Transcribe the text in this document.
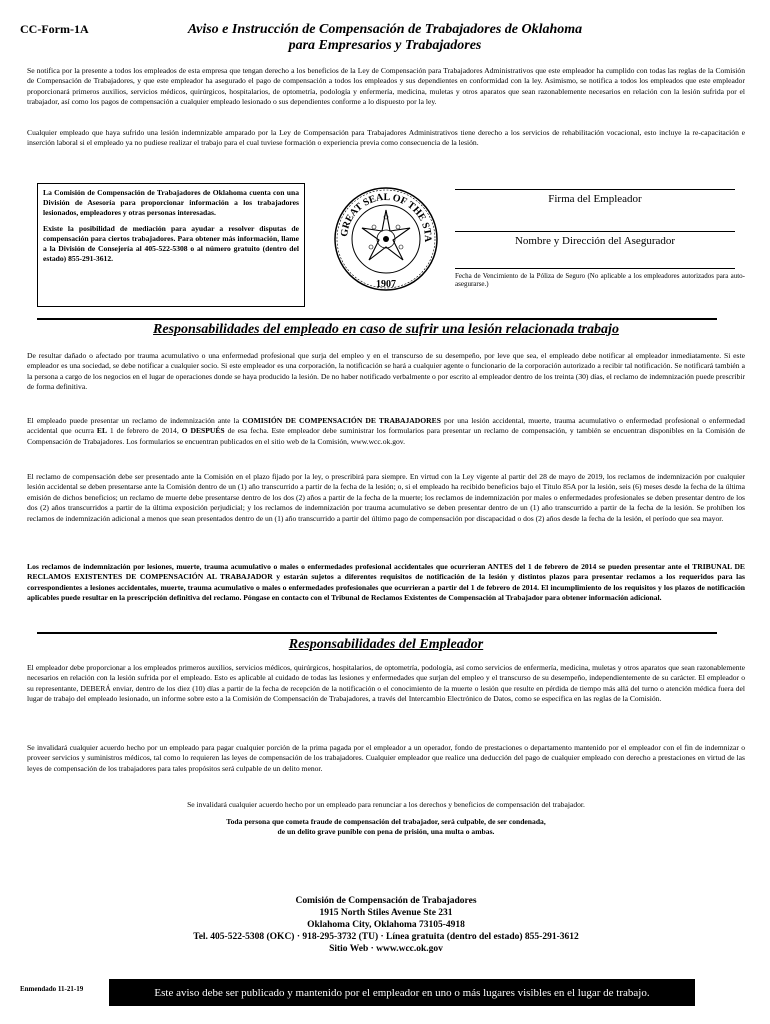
CC-Form-1A	Aviso e Instrucción de Compensación de Trabajadores de Oklahoma
para Empresarios y Trabajadores
Se notifica por la presente a todos los empleados de esta empresa que tengan derecho a los beneficios de la Ley de Compensación para Trabajadores Administrativos que este empleador ha cumplido con todas las reglas de la Comisión de Compensación de Trabajadores, y que este empleador ha asegurado el pago de compensación a todos los empleados y sus dependientes en conformidad con la ley. Asimismo, se notifica a todos los empleados que este empleador proporcionará primeros auxilios, servicios médicos, quirúrgicos, hospitalarios, de optometría, podología y enfermería, medicina, muletas y otros aparatos que sean razonablemente necesarios en relación con la lesión sufrida por el trabajador, así como los pagos de compensación a cualquier empleado lesionado o sus dependientes conforme a lo dispuesto por la ley.
Cualquier empleado que haya sufrido una lesión indemnizable amparado por la Ley de Compensación para Trabajadores Administrativos tiene derecho a los servicios de rehabilitación vocacional, esto incluye la re-capacitación e inserción laboral si el empleado ya no pudiese realizar el trabajo para el cual tuviese formación o experiencia previa como consecuencia de la lesión.

La Comisión de Compensación de Trabajadores de Oklahoma cuenta con una División de Asesoría para proporcionar información a los trabajadores lesionados, empleadores y otras personas interesadas.

Existe la posibilidad de mediación para ayudar a resolver disputas de compensación para ciertos trabajadores. Para obtener más información, llame a la División de Consejería al 405-522-5308 o al número gratuito (dentro del estado) 855-291-3612.

GREAT SEAL OF THE STA
1907
Firma del Empleador
Nombre y Dirección del Asegurador
Fecha de Vencimiento de la Póliza de Seguro (No aplicable a los empleadores autorizados para auto-asegurarse.)
Responsabilidades del empleado en caso de sufrir una lesión relacionada trabajo
De resultar dañado o afectado por trauma acumulativo o una enfermedad profesional que surja del empleo y en el transcurso de su desempeño, por leve que sea, el empleado debe notificar al empleador inmediatamente. Si este empleador es una sociedad, se debe notificar a cualquier socio. Si este empleador es una corporación, la notificación se hará a cualquier agente o funcionario de la corporación autorizado a recibir tal notificación. Se notificará también a la persona a cargo de los negocios en el lugar de operaciones donde se haya producido la lesión. De no haber notificado verbalmente o por escrito al empleador dentro de los treinta (30) días, el reclamo de indemnización puede prescribir de forma definitiva.
El empleado puede presentar un reclamo de indemnización ante la COMISIÓN DE COMPENSACIÓN DE TRABAJADORES por una lesión accidental, muerte, trauma acumulativo o enfermedad profesional o enfermedad accidental que ocurra EL 1 de febrero de 2014, O DESPUÉS de esa fecha. Este empleador debe suministrar los formularios para presentar un reclamo de compensación, y también se encuentran disponibles en la Comisión de Compensación de Trabajadores. Los formularios se encuentran publicados en el sitio web de la Comisión, www.wcc.ok.gov.
El reclamo de compensación debe ser presentado ante la Comisión en el plazo fijado por la ley, o prescribirá para siempre. En virtud con la Ley vigente al partir del 28 de mayo de 2019, los reclamos de indemnización por cualquier lesión accidental se deben presentarse ante la Comisión dentro de un (1) año transcurrido a partir de la fecha de la lesión; o, si el empleado ha recibido beneficios bajo el Título 85A por la lesión, seis (6) meses desde la fecha de la última emisión de dichos beneficios; un reclamo de muerte debe presentarse dentro de los dos (2) años a partir de la fecha de la muerte; los reclamos de indemnización por males o enfermedades profesionales se deben presentar dentro de los dos (2) años transcurridos a partir de la última exposición perjudicial; y los reclamos de indemnización por trauma acumulativo se deben presentar dentro de un (1) año transcurrido a partir de la fecha de la lesión. Se prohíben los reclamos de indemnización adicional a menos que sean presentados dentro de un (1) año transcurrido a partir del último pago de compensación por discapacidad o dos (2) años desde la fecha de la lesión, el período que sea mayor.
Los reclamos de indemnización por lesiones, muerte, trauma acumulativo o males o enfermedades profesional accidentales que ocurrieran ANTES del 1 de febrero de 2014 se pueden presentar ante el TRIBUNAL DE RECLAMOS EXISTENTES DE COMPENSACIÓN AL TRABAJADOR y estarán sujetos a diferentes requisitos de notificación de la lesión y distintos plazos para presentar reclamos a los requeridos para las correspondientes a lesiones accidentales, muerte, trauma acumulativo o males o enfermedades profesionales que ocurrieran a partir del 1 de febrero de 2014. El incumplimiento de los requisitos y los plazos de notificación aplicables puede resultar en la prescripción definitiva del reclamo. Póngase en contacto con el Tribunal de Reclamos Existentes de Compensación al Trabajador para obtener información adicional.
Responsabilidades del Empleador
El empleador debe proporcionar a los empleados primeros auxilios, servicios médicos, quirúrgicos, hospitalarios, de optometría, podología, así como servicios de enfermería, medicina, muletas y otros aparatos que sean razonablemente necesarios en relación con la lesión sufrida por el empleado. Esto es aplicable al cuidado de todas las lesiones y enfermedades que surjan del empleo y el transcurso de su desempeño, independientemente de su carácter. El empleador o su representante, DEBERÁ enviar, dentro de los diez (10) días a partir de la fecha de recepción de la notificación o el conocimiento de la muerte o lesión que resulte en pérdida de tiempo más allá del turno o atención médica fuera del lugar de trabajo del empleado lesionado, un informe sobre esto a la Comisión de Compensación de Trabajadores, a través del Intercambio Electrónico de Datos, como se especifica en las reglas de la Comisión.
Se invalidará cualquier acuerdo hecho por un empleado para pagar cualquier porción de la prima pagada por el empleador a un operador, fondo de prestaciones o departamento mantenido por el empleador con el fin de indemnizar o proveer servicios y suministros médicos, tal como lo requieren las leyes de compensación de los trabajadores. Cualquier empleador que realice una deducción del pago de cualquier empleado con derecho a prestaciones en virtud de las leyes de compensación de los trabajadores para tales propósitos será culpable de un delito menor.
Se invalidará cualquier acuerdo hecho por un empleado para renunciar a los derechos y beneficios de compensación del trabajador.
Toda persona que cometa fraude de compensación del trabajador, será culpable, de ser condenada,
de un delito grave punible con pena de prisión, una multa o ambas.
Comisión de Compensación de Trabajadores
1915 North Stiles Avenue Ste 231
Oklahoma City, Oklahoma 73105-4918
Tel. 405-522-5308 (OKC) · 918-295-3732 (TU) · Línea gratuita (dentro del estado) 855-291-3612
Sitio Web · www.wcc.ok.gov
Enmendado 11-21-19	Este aviso debe ser publicado y mantenido por el empleador en uno o más lugares visibles en el lugar de trabajo.
